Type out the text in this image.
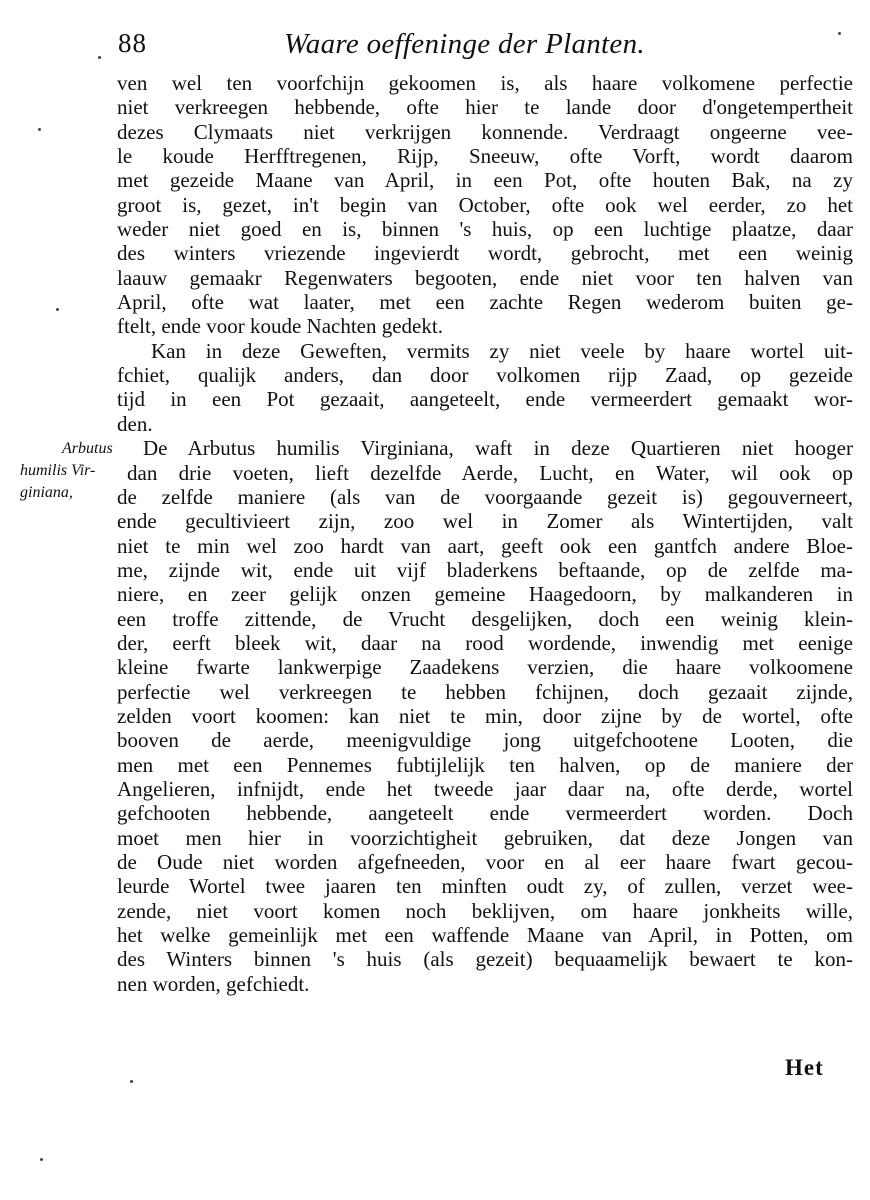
88	Waare oeffeninge der Planten.
Arbutus
humilis Vir-
giniana,
ven wel ten voorfchijn gekoomen is, als haare volkomene perfectie
niet verkreegen hebbende, ofte hier te lande door d'ongetempertheit
dezes Clymaats niet verkrijgen konnende. Verdraagt ongeerne vee-
le koude Herfftregenen, Rijp, Sneeuw, ofte Vorft, wordt daarom
met gezeide Maane van April, in een Pot, ofte houten Bak, na zy
groot is, gezet, in't begin van October, ofte ook wel eerder, zo het
weder niet goed en is, binnen 's huis, op een luchtige plaatze, daar
des winters vriezende ingevierdt wordt, gebrocht, met een weinig
laauw gemaakr Regenwaters begooten, ende niet voor ten halven van
April, ofte wat laater, met een zachte Regen wederom buiten ge-
ftelt, ende voor koude Nachten gedekt.
Kan in deze Geweften, vermits zy niet veele by haare wortel uit-
fchiet, qualijk anders, dan door volkomen rijp Zaad, op gezeide
tijd in een Pot gezaait, aangeteelt, ende vermeerdert gemaakt wor-
den.
De Arbutus humilis Virginiana, waft in deze Quartieren niet hooger
dan drie voeten, lieft dezelfde Aerde, Lucht, en Water, wil ook op
de zelfde maniere (als van de voorgaande gezeit is) gegouverneert,
ende gecultivieert zijn, zoo wel in Zomer als Wintertijden, valt
niet te min wel zoo hardt van aart, geeft ook een gantfch andere Bloe-
me, zijnde wit, ende uit vijf bladerkens beftaande, op de zelfde ma-
niere, en zeer gelijk onzen gemeine Haagedoorn, by malkanderen in
een troffe zittende, de Vrucht desgelijken, doch een weinig klein-
der, eerft bleek wit, daar na rood wordende, inwendig met eenige
kleine fwarte lankwerpige Zaadekens verzien, die haare volkoomene
perfectie wel verkreegen te hebben fchijnen, doch gezaait zijnde,
zelden voort koomen: kan niet te min, door zijne by de wortel, ofte
booven de aerde, meenigvuldige jong uitgefchootene Looten, die
men met een Pennemes fubtijlelijk ten halven, op de maniere der
Angelieren, infnijdt, ende het tweede jaar daar na, ofte derde, wortel
gefchooten hebbende, aangeteelt ende vermeerdert worden. Doch
moet men hier in voorzichtigheit gebruiken, dat deze Jongen van
de Oude niet worden afgefneeden, voor en al eer haare fwart gecou-
leurde Wortel twee jaaren ten minften oudt zy, of zullen, verzet wee-
zende, niet voort komen noch beklijven, om haare jonkheits wille,
het welke gemeinlijk met een waffende Maane van April, in Potten, om
des Winters binnen 's huis (als gezeit) bequaamelijk bewaert te kon-
nen worden, gefchiedt.
Het
